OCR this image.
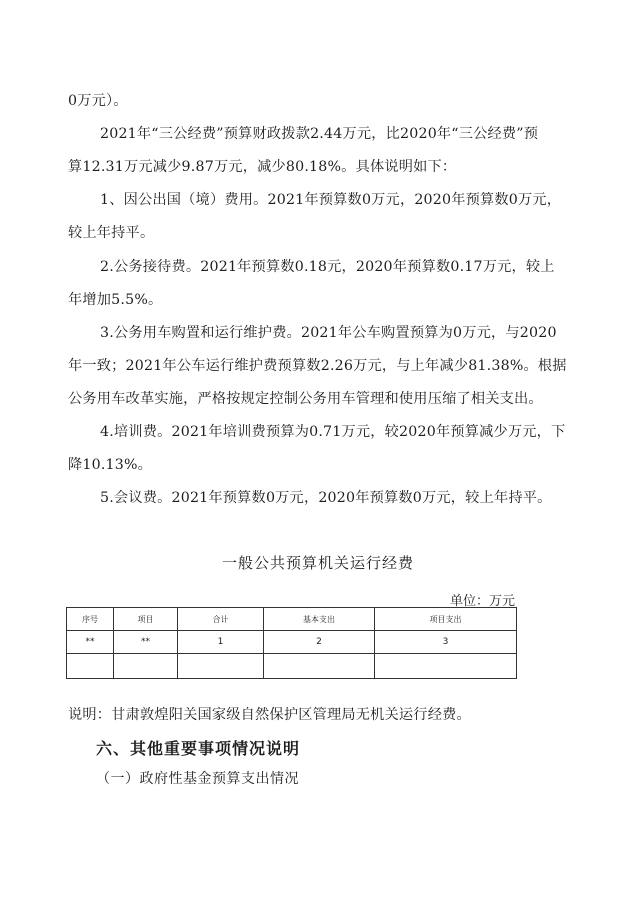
0万元）。
2021年“三公经费”预算财政拨款2.44万元，比2020年“三公经费”预
算12.31万元减少9.87万元，减少80.18%。具体说明如下：
1、因公出国（境）费用。2021年预算数0万元，2020年预算数0万元，
较上年持平。
2.公务接待费。2021年预算数0.18元，2020年预算数0.17万元，较上
年增加5.5%。
3.公务用车购置和运行维护费。2021年公车购置预算为0万元，与2020
年一致；2021年公车运行维护费预算数2.26万元，与上年减少81.38%。根据
公务用车改革实施，严格按规定控制公务用车管理和使用压缩了相关支出。
4.培训费。2021年培训费预算为0.71万元，较2020年预算减少万元，下
降10.13%。
5.会议费。2021年预算数0万元，2020年预算数0万元，较上年持平。
一般公共预算机关运行经费
单位：万元
序号	项目	合计	基本支出	项目支出
**	**	1	2	3

说明：甘肃敦煌阳关国家级自然保护区管理局无机关运行经费。
六、其他重要事项情况说明
（一）政府性基金预算支出情况
